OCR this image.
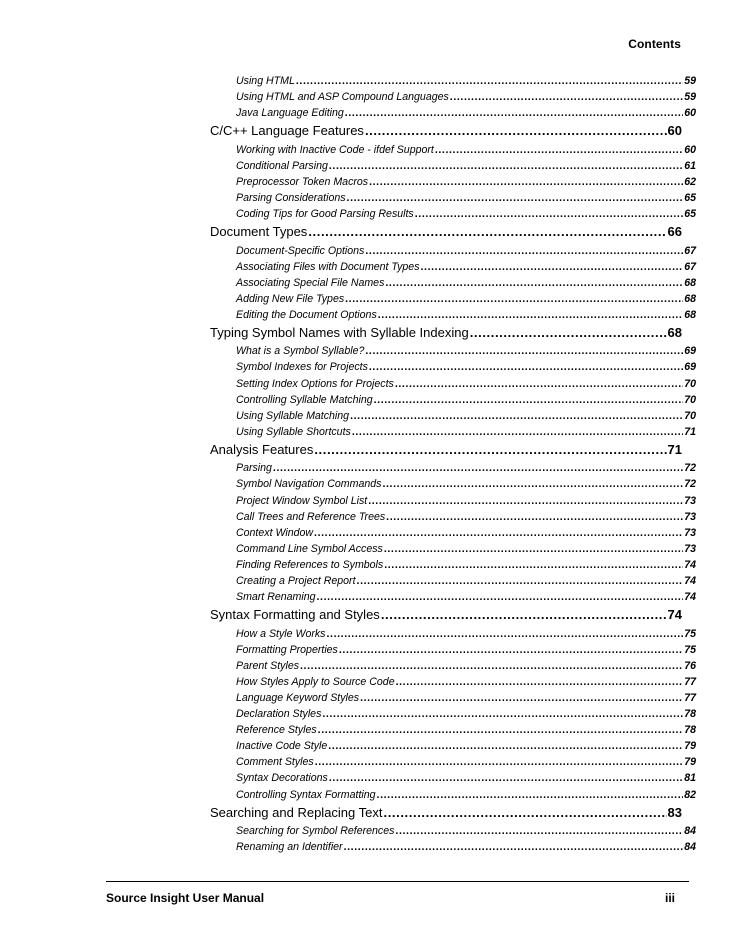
Contents
Using HTML .....	59
Using HTML and ASP Compound Languages .....	59
Java Language Editing .....	60
C/C++ Language Features .....	60
Working with Inactive Code - ifdef Support .....	60
Conditional Parsing .....	61
Preprocessor Token Macros .....	62
Parsing Considerations .....	65
Coding Tips for Good Parsing Results .....	65
Document Types .....	66
Document-Specific Options .....	67
Associating Files with Document Types .....	67
Associating Special File Names .....	68
Adding New File Types .....	68
Editing the Document Options .....	68
Typing Symbol Names with Syllable Indexing .....	68
What is a Symbol Syllable? .....	69
Symbol Indexes for Projects .....	69
Setting Index Options for Projects .....	70
Controlling Syllable Matching .....	70
Using Syllable Matching .....	70
Using Syllable Shortcuts .....	71
Analysis Features .....	71
Parsing .....	72
Symbol Navigation Commands .....	72
Project Window Symbol List .....	73
Call Trees and Reference Trees .....	73
Context Window .....	73
Command Line Symbol Access .....	73
Finding References to Symbols .....	74
Creating a Project Report .....	74
Smart Renaming .....	74
Syntax Formatting and Styles .....	74
How a Style Works .....	75
Formatting Properties .....	75
Parent Styles .....	76
How Styles Apply to Source Code .....	77
Language Keyword Styles .....	77
Declaration Styles .....	78
Reference Styles .....	78
Inactive Code Style .....	79
Comment Styles .....	79
Syntax Decorations .....	81
Controlling Syntax Formatting .....	82
Searching and Replacing Text .....	83
Searching for Symbol References .....	84
Renaming an Identifier .....	84
Source Insight User Manual	iii
